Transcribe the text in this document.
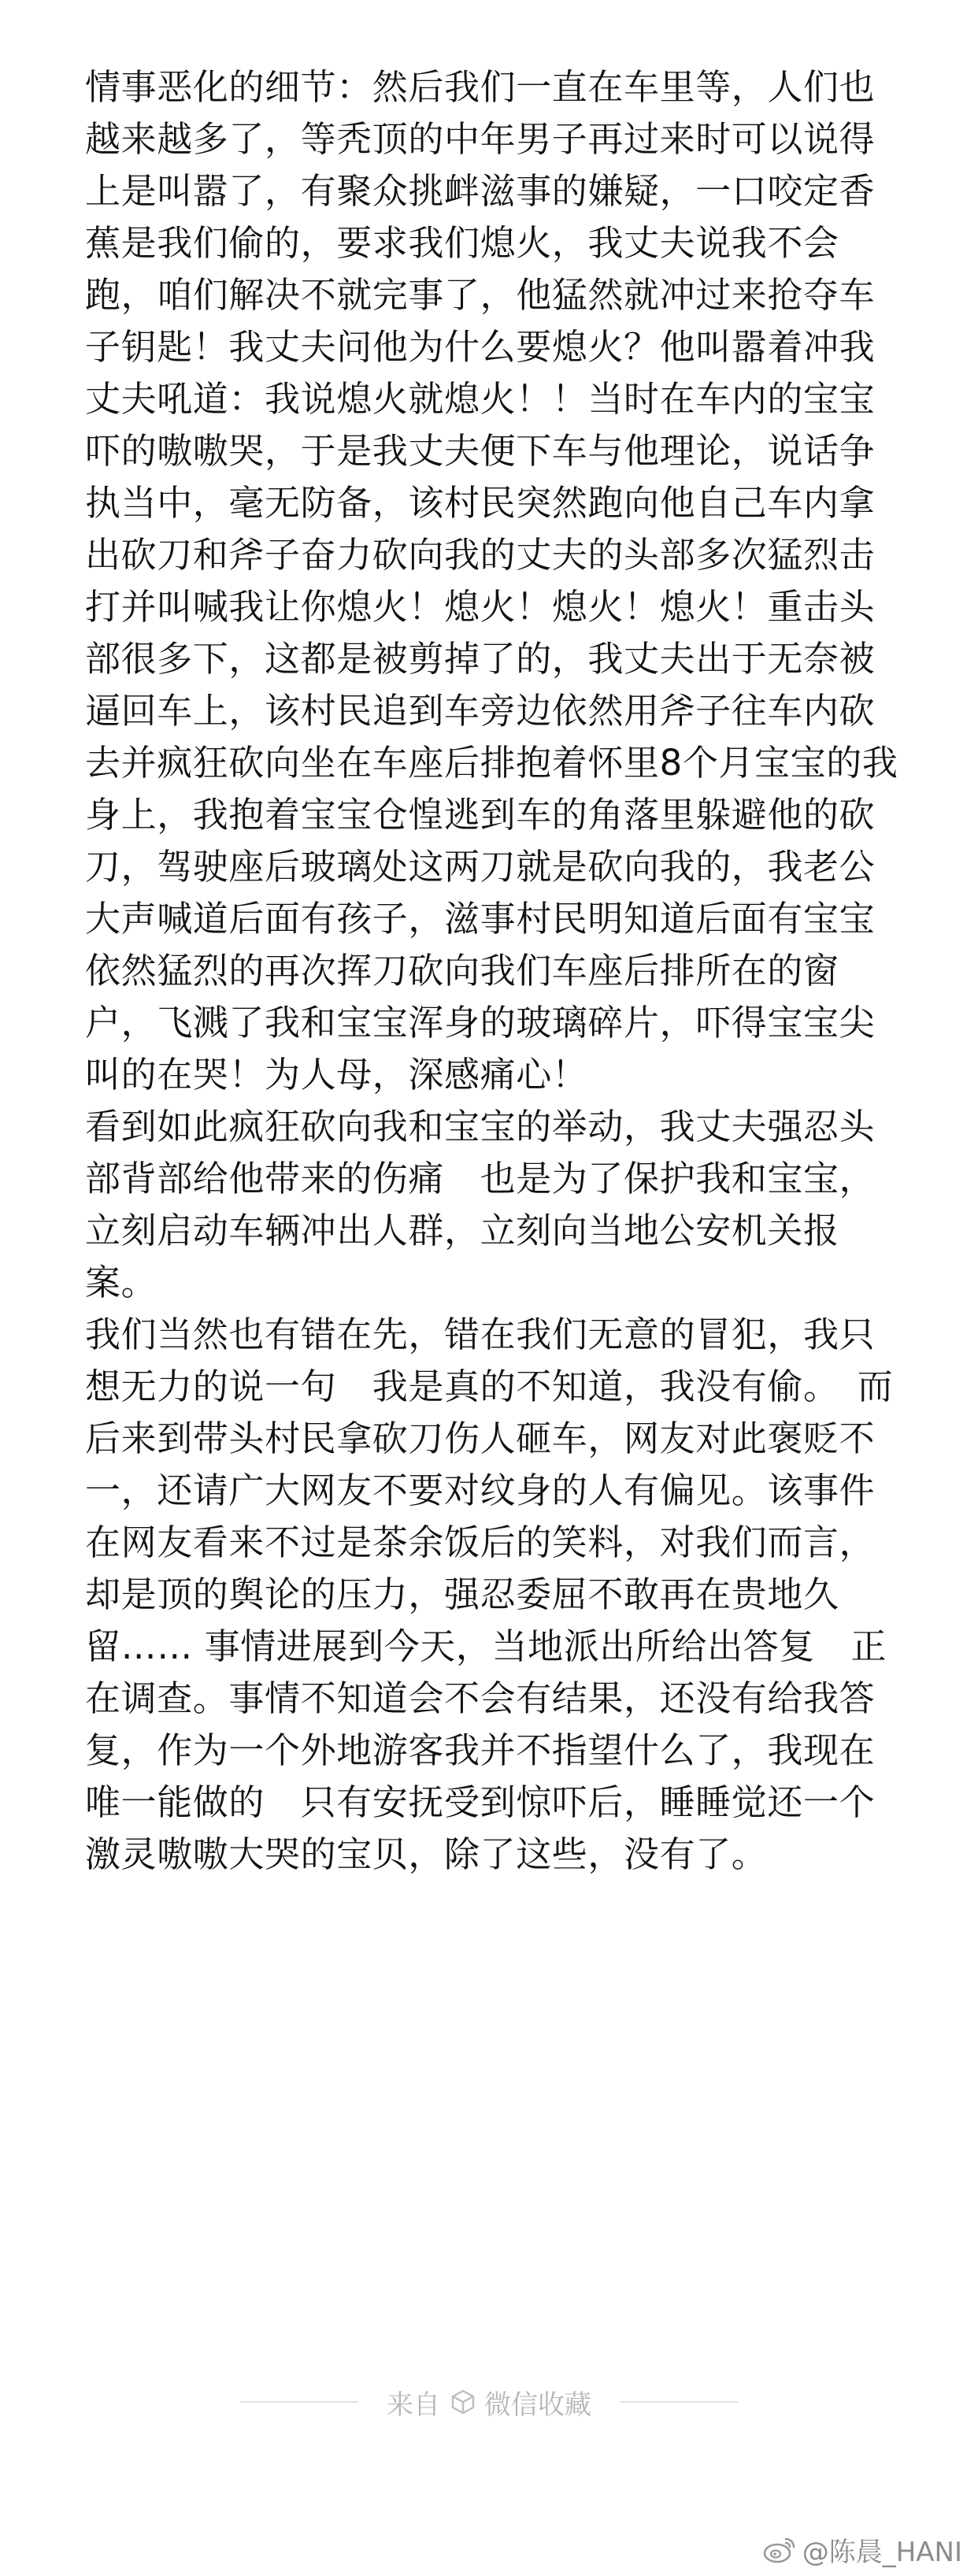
情事恶化的细节：然后我们一直在车里等，人们也越来越多了，等秃顶的中年男子再过来时可以说得上是叫嚣了，有聚众挑衅滋事的嫌疑，一口咬定香蕉是我们偷的，要求我们熄火，我丈夫说我不会跑，咱们解决不就完事了，他猛然就冲过来抢夺车子钥匙！我丈夫问他为什么要熄火？他叫嚣着冲我丈夫吼道：我说熄火就熄火！！当时在车内的宝宝吓的嗷嗷哭，于是我丈夫便下车与他理论，说话争执当中，毫无防备，该村民突然跑向他自己车内拿出砍刀和斧子奋力砍向我的丈夫的头部多次猛烈击打并叫喊我让你熄火！熄火！熄火！熄火！重击头部很多下，这都是被剪掉了的，我丈夫出于无奈被逼回车上，该村民追到车旁边依然用斧子往车内砍去并疯狂砍向坐在车座后排抱着怀里8个月宝宝的我身上，我抱着宝宝仓惶逃到车的角落里躲避他的砍刀，驾驶座后玻璃处这两刀就是砍向我的，我老公大声喊道后面有孩子，滋事村民明知道后面有宝宝依然猛烈的再次挥刀砍向我们车座后排所在的窗户，飞溅了我和宝宝浑身的玻璃碎片，吓得宝宝尖叫的在哭！为人母，深感痛心！

看到如此疯狂砍向我和宝宝的举动，我丈夫强忍头部背部给他带来的伤痛　也是为了保护我和宝宝，立刻启动车辆冲出人群，立刻向当地公安机关报案。

我们当然也有错在先，错在我们无意的冒犯，我只想无力的说一句　我是真的不知道，我没有偷。　而后来到带头村民拿砍刀伤人砸车，网友对此褒贬不一，还请广大网友不要对纹身的人有偏见。该事件在网友看来不过是茶余饭后的笑料，对我们而言，却是顶的舆论的压力，强忍委屈不敢再在贵地久留…… 事情进展到今天，当地派出所给出答复　正在调查。事情不知道会不会有结果，还没有给我答复，作为一个外地游客我并不指望什么了，我现在唯一能做的　只有安抚受到惊吓后，睡睡觉还一个激灵嗷嗷大哭的宝贝，除了这些，没有了。

来自 微信收藏
@陈晨_HANI
